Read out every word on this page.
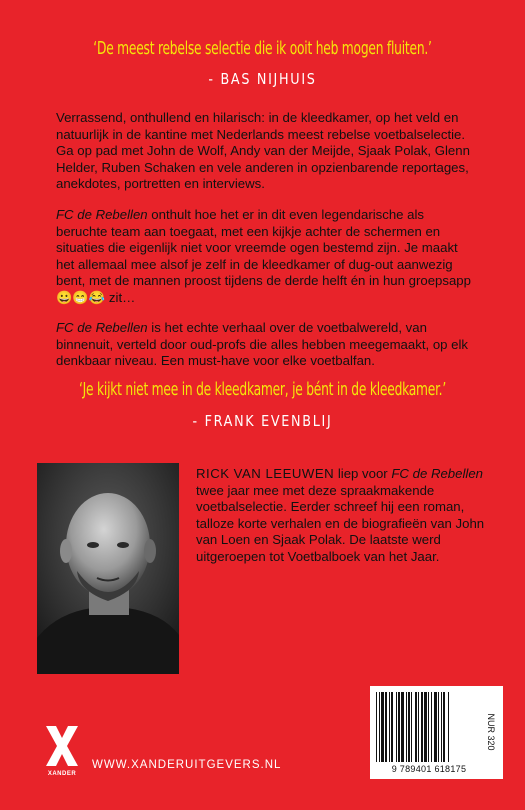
‘De meest rebelse selectie die ik ooit heb mogen fluiten.’
- BAS NIJHUIS
Verrassend, onthullend en hilarisch: in de kleedkamer, op het veld en natuurlijk in de kantine met Nederlands meest rebelse voetbalselectie. Ga op pad met John de Wolf, Andy van der Meijde, Sjaak Polak, Glenn Helder, Ruben Schaken en vele anderen in opzienbarende reportages, anekdotes, portretten en interviews.
FC de Rebellen onthult hoe het er in dit even legendarische als beruchte team aan toegaat, met een kijkje achter de schermen en situaties die eigenlijk niet voor vreemde ogen bestemd zijn. Je maakt het allemaal mee alsof je zelf in de kleedkamer of dug-out aanwezig bent, met de mannen proost tijdens de derde helft én in hun groepsapp 😀😁😂 zit…
FC de Rebellen is het echte verhaal over de voetbalwereld, van binnenuit, verteld door oud-profs die alles hebben meegemaakt, op elk denkbaar niveau. Een must-have voor elke voetbalfan.
‘Je kijkt niet mee in de kleedkamer, je bént in de kleedkamer.’
- FRANK EVENBLIJ
RICK VAN LEEUWEN liep voor FC de Rebellen twee jaar mee met deze spraakmakende voetbalselectie. Eerder schreef hij een roman, talloze korte verhalen en de biografieën van John van Loen en Sjaak Polak. De laatste werd uitgeroepen tot Voetbalboek van het Jaar.
9 789401 618175
NUR 320
XANDER
WWW.XANDERUITGEVERS.NL
